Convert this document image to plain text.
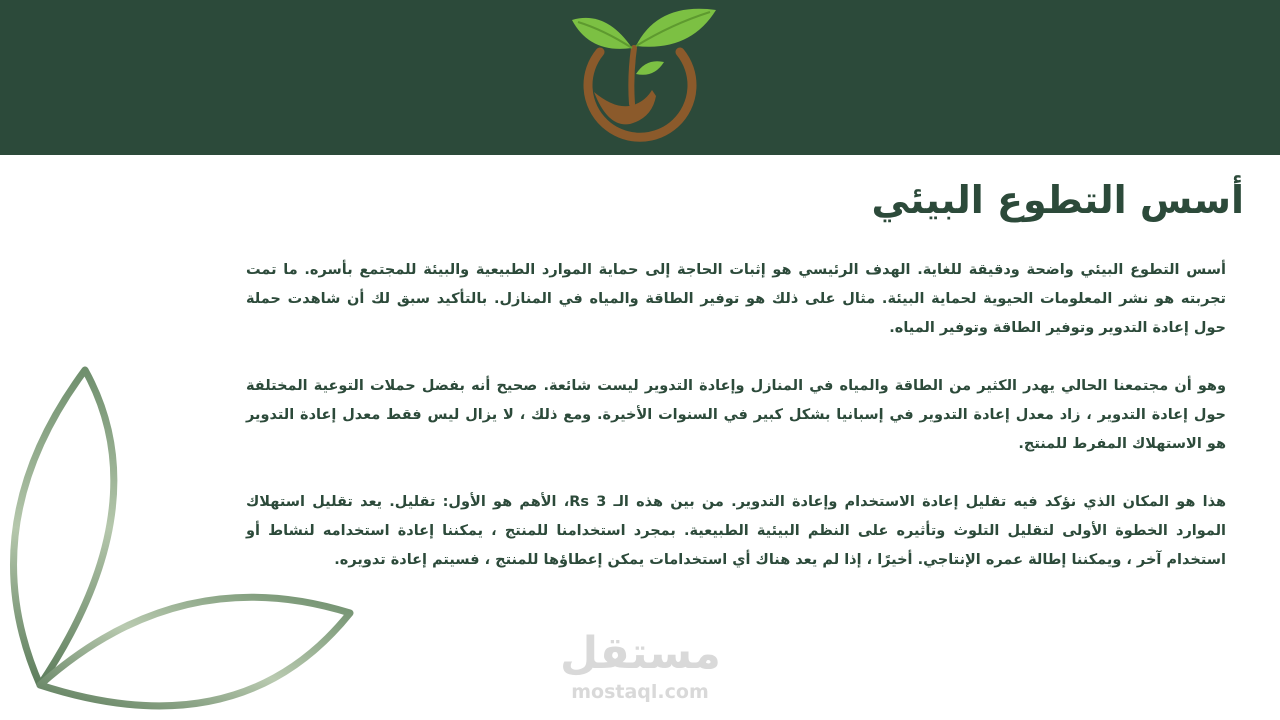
أسس التطوع البيئي

أسس التطوع البيئي واضحة ودقيقة للغاية. الهدف الرئيسي هو إثبات الحاجة إلى حماية الموارد الطبيعية والبيئة للمجتمع بأسره. ما تمت تجربته هو نشر المعلومات الحيوية لحماية البيئة. مثال على ذلك هو توفير الطاقة والمياه في المنازل. بالتأكيد سبق لك أن شاهدت حملة حول إعادة التدوير وتوفير الطاقة وتوفير المياه.

وهو أن مجتمعنا الحالي يهدر الكثير من الطاقة والمياه في المنازل وإعادة التدوير ليست شائعة. صحيح أنه بفضل حملات التوعية المختلفة حول إعادة التدوير ، زاد معدل إعادة التدوير في إسبانيا بشكل كبير في السنوات الأخيرة. ومع ذلك ، لا يزال ليس فقط معدل إعادة التدوير هو الاستهلاك المفرط للمنتج.

هذا هو المكان الذي نؤكد فيه تقليل إعادة الاستخدام وإعادة التدوير. من بين هذه الـ Rs 3، الأهم هو الأول: تقليل. يعد تقليل استهلاك الموارد الخطوة الأولى لتقليل التلوث وتأثيره على النظم البيئية الطبيعية. بمجرد استخدامنا للمنتج ، يمكننا إعادة استخدامه لنشاط أو استخدام آخر ، ويمكننا إطالة عمره الإنتاجي. أخيرًا ، إذا لم يعد هناك أي استخدامات يمكن إعطاؤها للمنتج ، فسيتم إعادة تدويره.

مستقل
mostaql.com
